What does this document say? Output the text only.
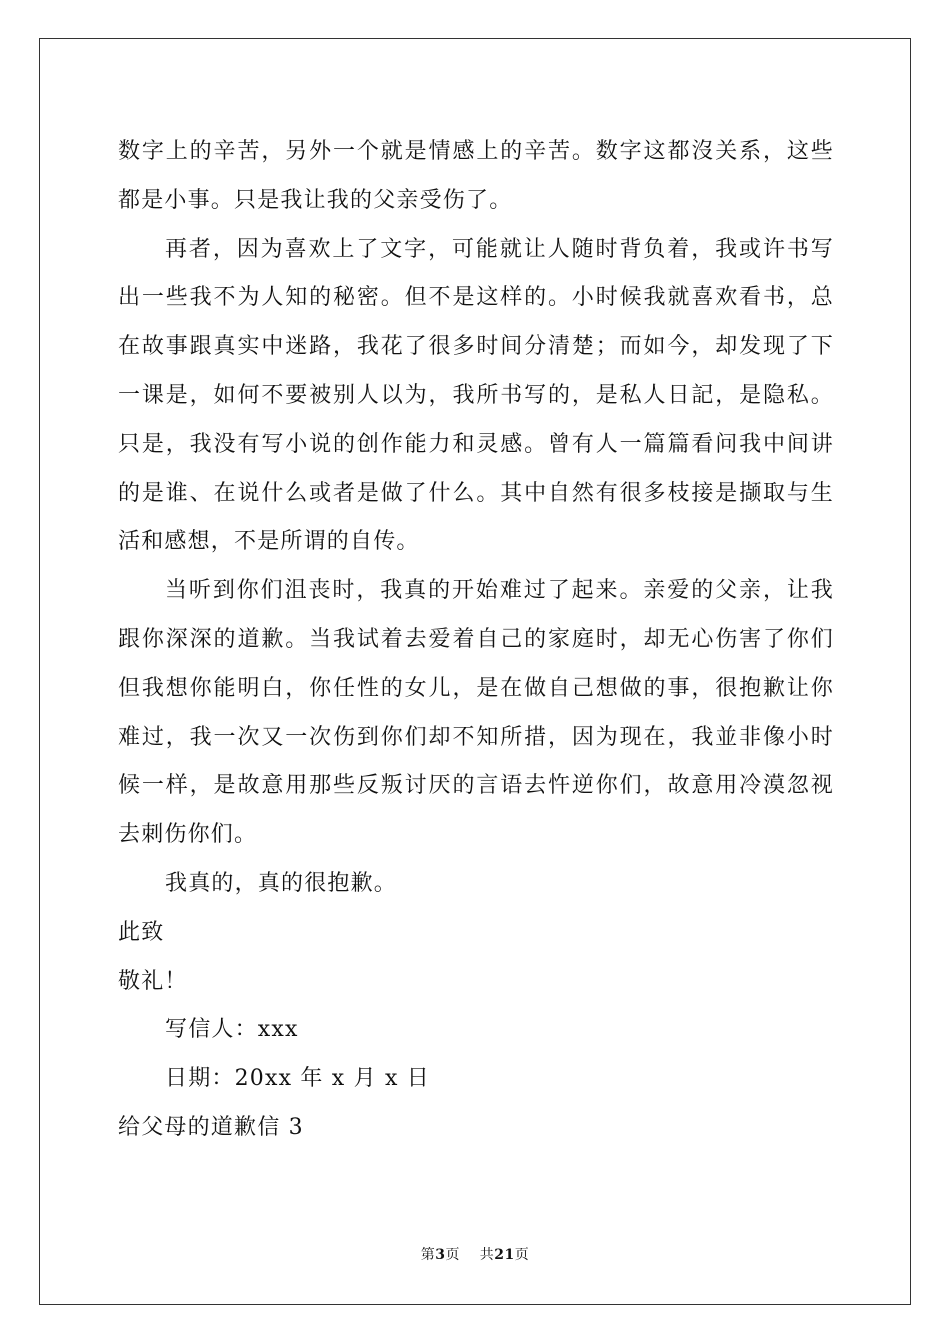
数字上的辛苦，另外一个就是情感上的辛苦。数字这都沒关系，这些都是小事。只是我让我的父亲受伤了。

再者，因为喜欢上了文字，可能就让人随时背负着，我或许书写出一些我不为人知的秘密。但不是这样的。小时候我就喜欢看书，总在故事跟真实中迷路，我花了很多时间分清楚；而如今，却发现了下一课是，如何不要被别人以为，我所书写的，是私人日記，是隐私。只是，我没有写小说的创作能力和灵感。曾有人一篇篇看问我中间讲的是谁、在说什么或者是做了什么。其中自然有很多枝接是撷取与生活和感想，不是所谓的自传。

当听到你们沮丧时，我真的开始难过了起来。亲爱的父亲，让我跟你深深的道歉。当我试着去爱着自己的家庭时，却无心伤害了你们但我想你能明白，你任性的女儿，是在做自己想做的事，很抱歉让你难过，我一次又一次伤到你们却不知所措，因为现在，我並非像小时候一样，是故意用那些反叛讨厌的言语去忤逆你们，故意用冷漠忽视去刺伤你们。

我真的，真的很抱歉。

此致

敬礼！

写信人：xxx

日期：20xx 年 x 月 x 日

给父母的道歉信 3

第3页 共21页
